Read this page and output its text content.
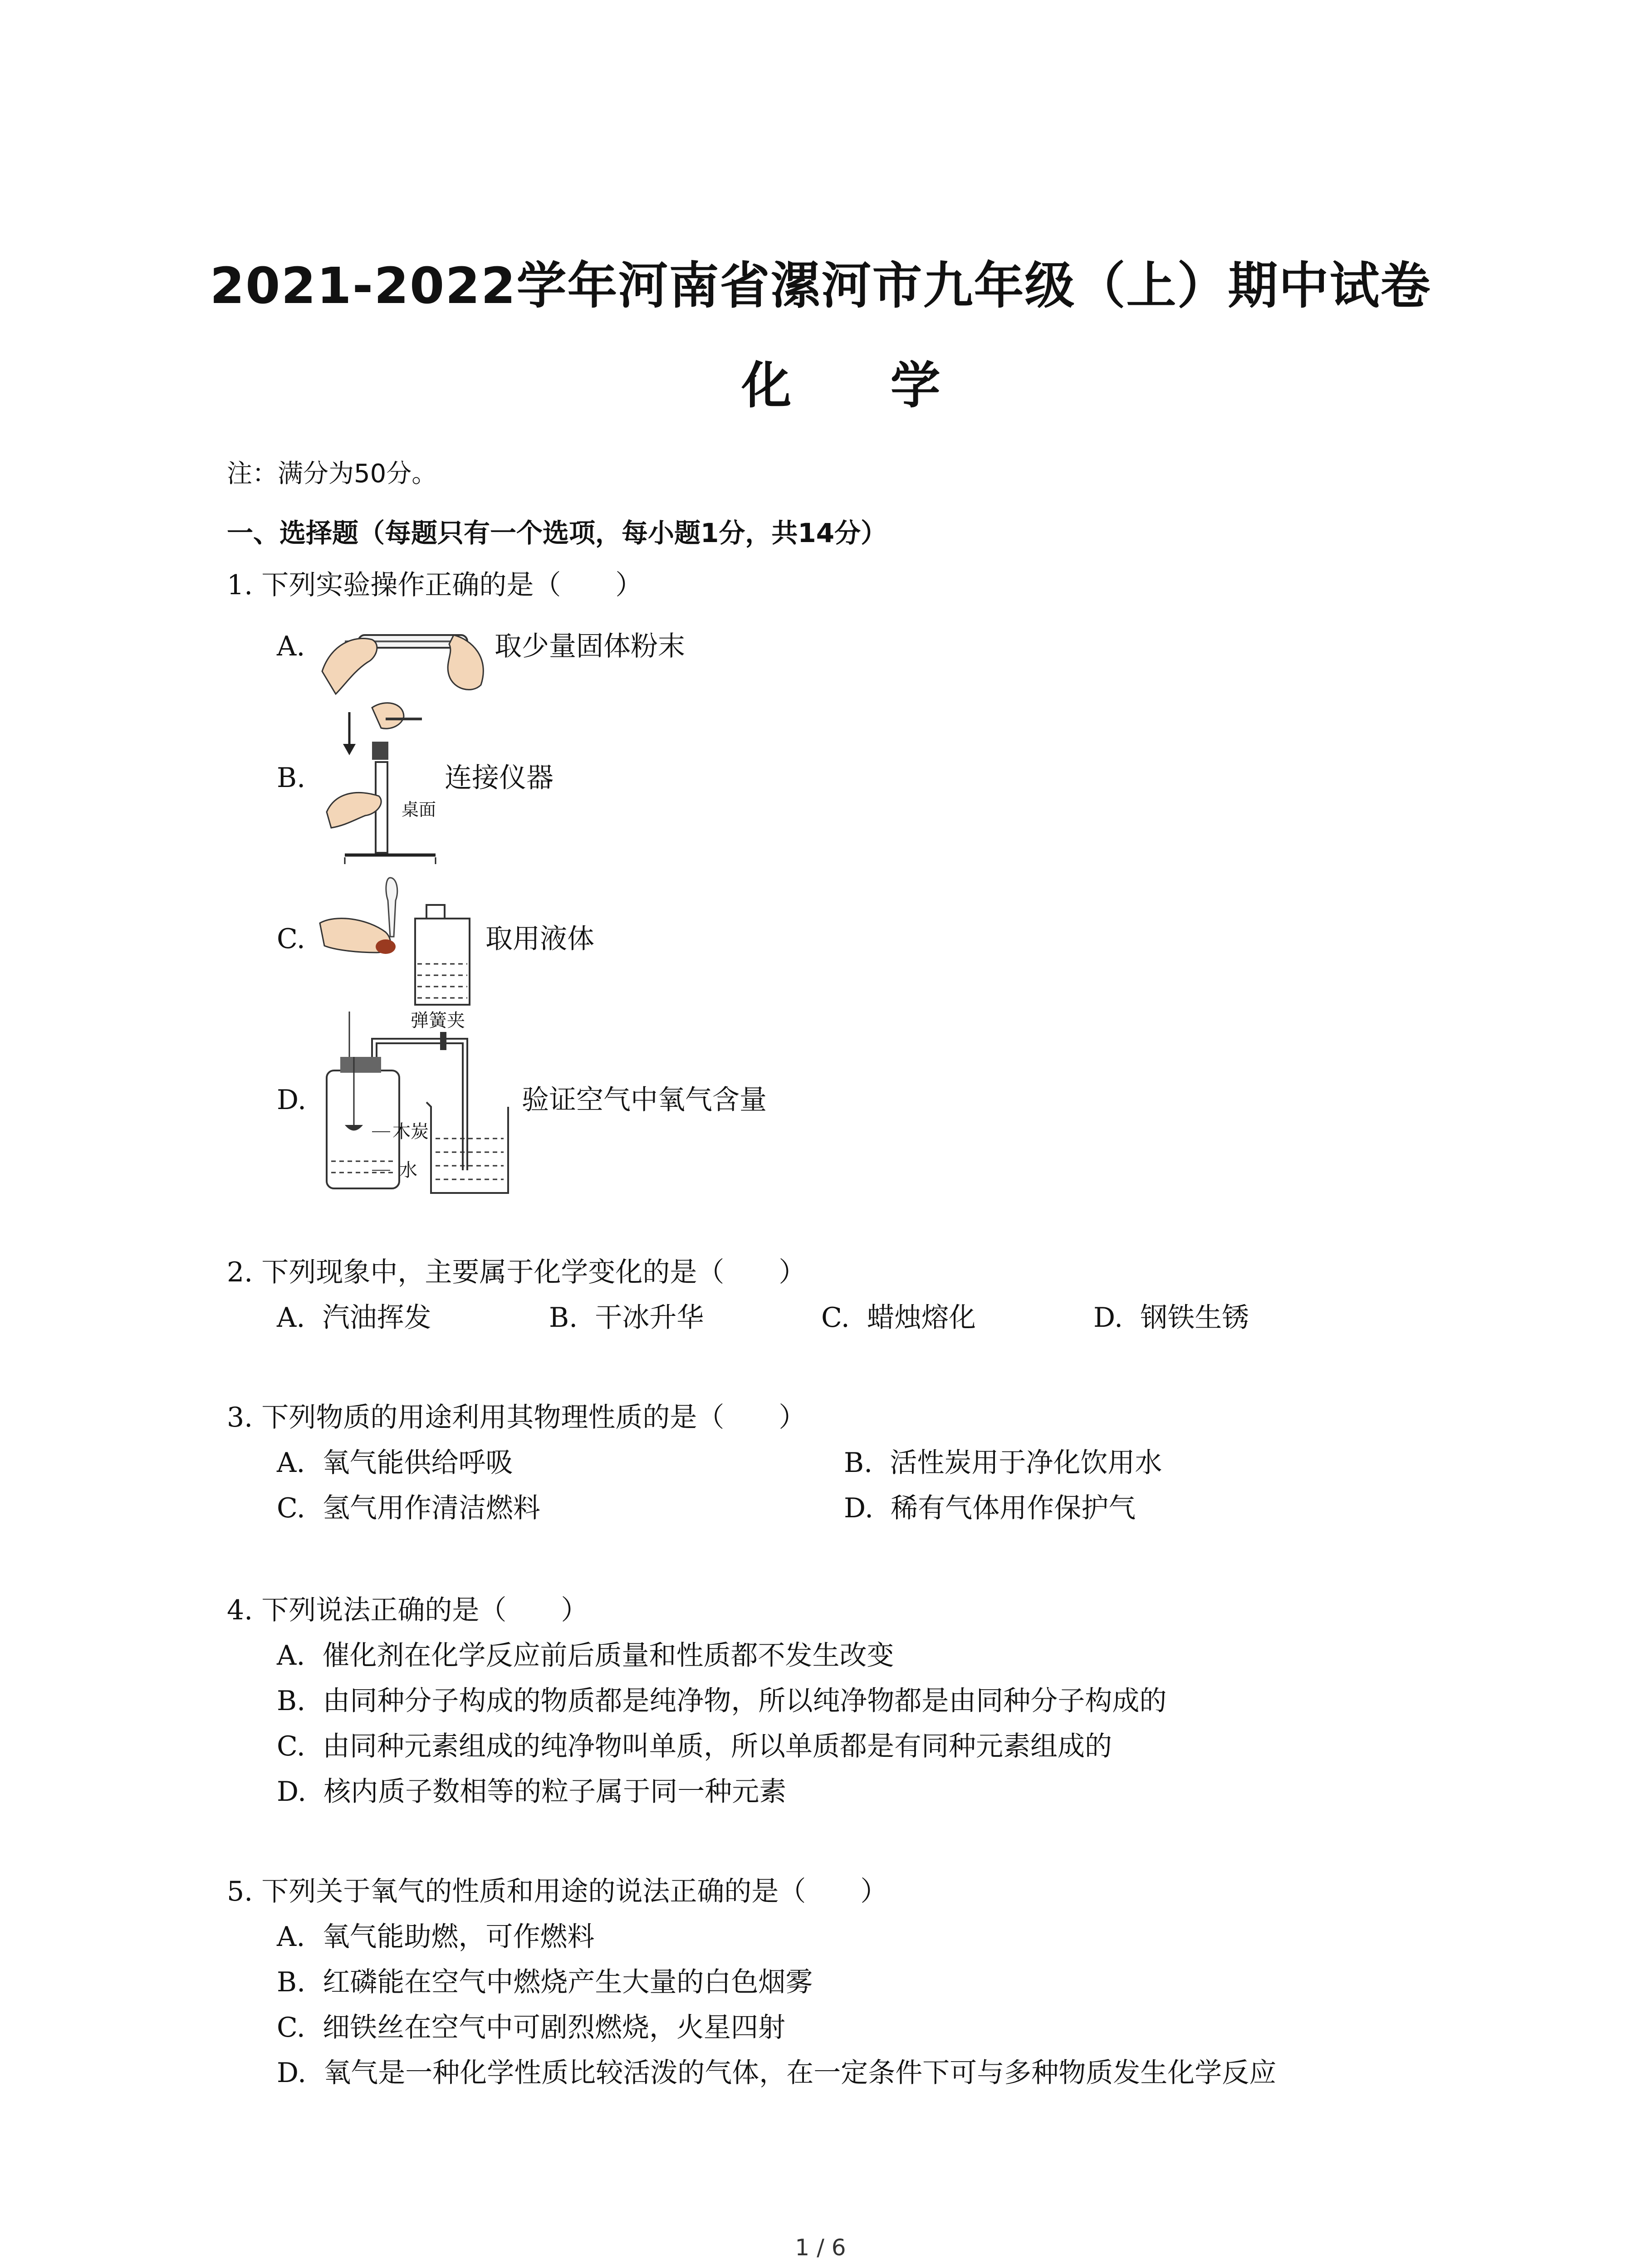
2021-2022学年河南省漯河市九年级（上）期中试卷
化 学
注：满分为50分。
一、选择题（每题只有一个选项，每小题1分，共14分）
1. 下列实验操作正确的是（　　）
A.	取少量固体粉末
B.
桌面
连接仪器
C.	取用液体
D.
弹簧夹
木炭
水
验证空气中氧气含量
2. 下列现象中，主要属于化学变化的是（　　）
A. 汽油挥发	B. 干冰升华	C. 蜡烛熔化	D. 钢铁生锈
3. 下列物质的用途利用其物理性质的是（　　）
A. 氧气能供给呼吸	B. 活性炭用于净化饮用水
C. 氢气用作清洁燃料	D. 稀有气体用作保护气
4. 下列说法正确的是（　　）
A. 催化剂在化学反应前后质量和性质都不发生改变
B. 由同种分子构成的物质都是纯净物，所以纯净物都是由同种分子构成的
C. 由同种元素组成的纯净物叫单质，所以单质都是有同种元素组成的
D. 核内质子数相等的粒子属于同一种元素
5. 下列关于氧气的性质和用途的说法正确的是（　　）
A. 氧气能助燃，可作燃料
B. 红磷能在空气中燃烧产生大量的白色烟雾
C. 细铁丝在空气中可剧烈燃烧，火星四射
D. 氧气是一种化学性质比较活泼的气体，在一定条件下可与多种物质发生化学反应
1 / 6
